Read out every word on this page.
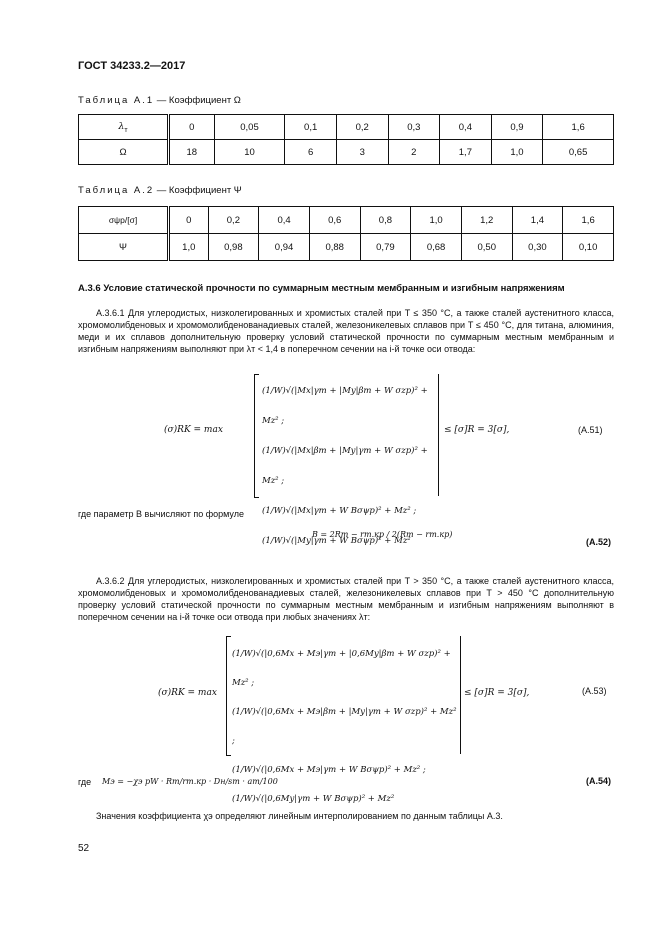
ГОСТ 34233.2—2017
Таблица А.1 — Коэффициент Ω
$\lambda_т$	0	0,05	0,1	0,2	0,3	0,4	0,9	1,6
Ω	18	10	6	3	2	1,7	1,0	0,65
Таблица А.2 — Коэффициент Ψ
σψр/[σ]	0	0,2	0,4	0,6	0,8	1,0	1,2	1,4	1,6
Ψ	1,0	0,98	0,94	0,88	0,79	0,68	0,50	0,30	0,10
А.3.6 Условие статической прочности по суммарным местным мембранным и изгибным напряжениям
А.3.6.1 Для углеродистых, низколегированных и хромистых сталей при T ≤ 350 °С, а также сталей аустенитного класса, хромомолибденовых и хромомолибденованадиевых сталей, железоникелевых сплавов при T ≤ 450 °С, для титана, алюминия, меди и их сплавов дополнительную проверку условий статической прочности по суммарным местным мембранным и изгибным напряжениям выполняют при λт < 1,4 в поперечном сечении на i-й точке оси отвода:
(σ)RK = max
(1/W)√(|Mx|γm + |My|βm + W σzp)² + Mz² ;
(1/W)√(|Mx|βm + |My|γm + W σzp)² + Mz² ;
(1/W)√(|Mx|γm + W Bσψp)² + Mz² ;
(1/W)√(|My|γm + W Bσψp)² + Mz²
≤ [σ]R = 3[σ],	(А.51)
где параметр B вычисляют по формуле
B = 2Rт − rт.кр / 2(Rт − rт.кр)
(А.52)
А.3.6.2 Для углеродистых, низколегированных и хромистых сталей при T > 350 °С, а также сталей аустенитного класса, хромомолибденовых и хромомолибденованадиевых сталей, железоникелевых сплавов при T > 450 °С дополнительную проверку условий статической прочности по суммарным местным мембранным и изгибным напряжениям выполняют в поперечном сечении на i-й точке оси отвода при любых значениях λт:
(σ)RK = max
(1/W)√(|0,6Mx + Mэ|γm + |0,6My|βm + W σzp)² + Mz² ;
(1/W)√(|0,6Mx + Mэ|βm + |My|γm + W σzp)² + Mz² ;
(1/W)√(|0,6Mx + Mэ|γm + W Bσψp)² + Mz² ;
(1/W)√(|0,6My|γm + W Bσψp)² + Mz²
≤ [σ]R = 3[σ],	(А.53)
где	Mэ = −χэ pW · Rт/rт.кр · Dн/sт · aт/100	(А.54)
Значения коэффициента χэ определяют линейным интерполированием по данным таблицы А.3.
52
